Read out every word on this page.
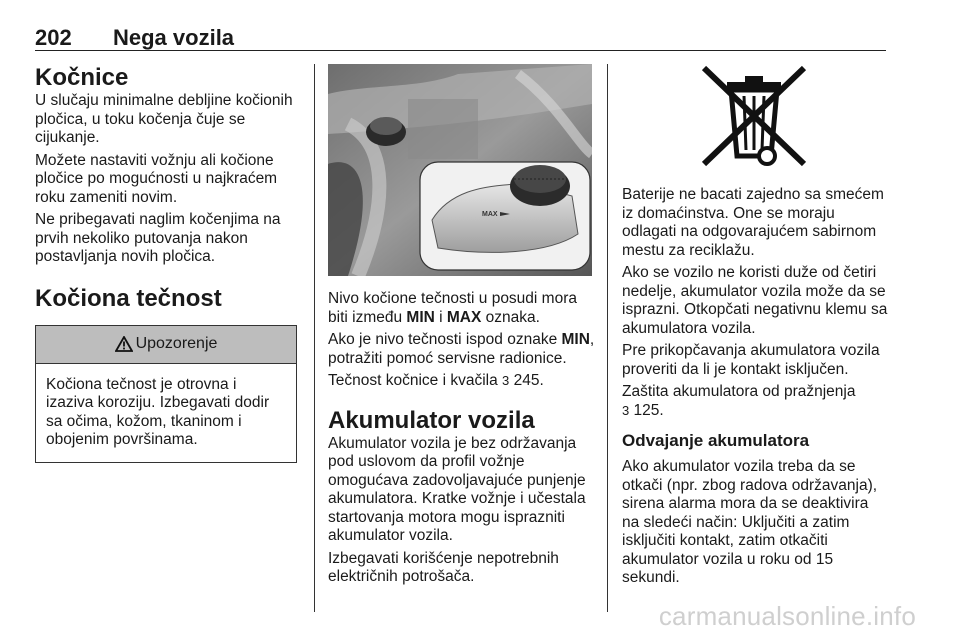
202 Nega vozila
Kočnice

U slučaju minimalne debljine kočionih pločica, u toku kočenja čuje se cijukanje.

Možete nastaviti vožnju ali kočione pločice po mogućnosti u najkraćem roku zameniti novim.

Ne pribegavati naglim kočenjima na prvih nekoliko putovanja nakon postavljanja novih pločica.

Kočiona tečnost
Upozorenje

Kočiona tečnost je otrovna i izaziva koroziju. Izbegavati dodir sa očima, kožom, tkaninom i obojenim površinama.

MAX

Nivo kočione tečnosti u posudi mora biti između MIN i MAX oznaka.

Ako je nivo tečnosti ispod oznake MIN, potražiti pomoć servisne radionice.

Tečnost kočnice i kvačila 3 245.

Akumulator vozila

Akumulator vozila je bez održavanja pod uslovom da profil vožnje omogućava zadovoljavajuće punjenje akumulatora. Kratke vožnje i učestala startovanja motora mogu isprazniti akumulator vozila.

Izbegavati korišćenje nepotrebnih električnih potrošača.

Baterije ne bacati zajedno sa smećem iz domaćinstva. One se moraju odlagati na odgovarajućem sabirnom mestu za reciklažu.

Ako se vozilo ne koristi duže od četiri nedelje, akumulator vozila može da se isprazni. Otkopčati negativnu klemu sa akumulatora vozila.

Pre prikopčavanja akumulatora vozila proveriti da li je kontakt isključen.

Zaštita akumulatora od pražnjenja
3 125.

Odvajanje akumulatora

Ako akumulator vozila treba da se otkači (npr. zbog radova održavanja), sirena alarma mora da se deaktivira na sledeći način: Uključiti a zatim isključiti kontakt, zatim otkačiti akumulator vozila u roku od 15 sekundi.

carmanualsonline.info
